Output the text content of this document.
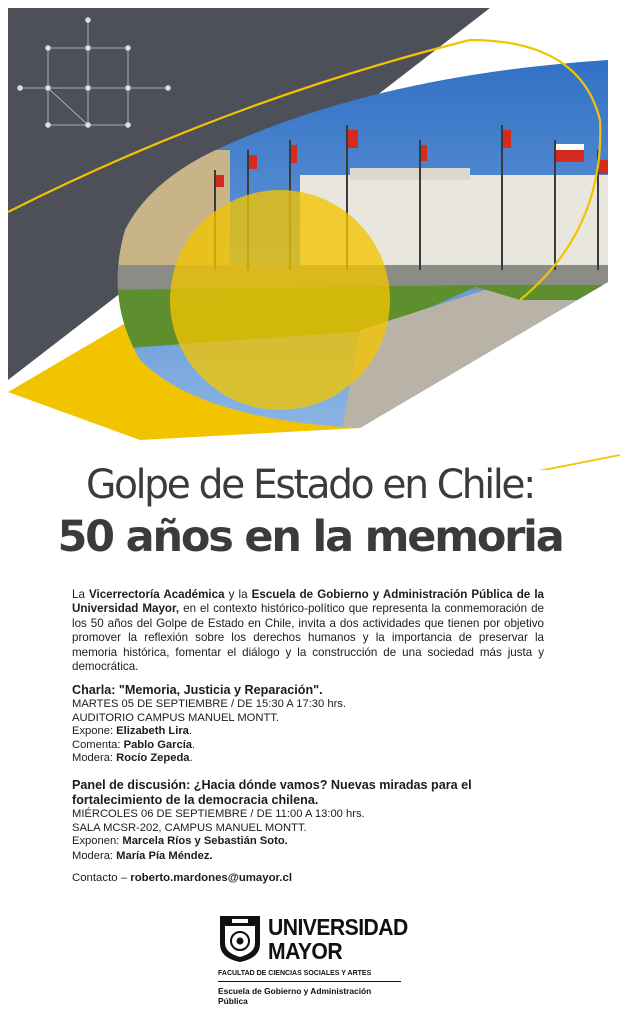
Golpe de Estado en Chile:
50 años en la memoria
La Vicerrectoría Académica y la Escuela de Gobierno y Administración Pública de la Universidad Mayor, en el contexto histórico-político que representa la conmemoración de los 50 años del Golpe de Estado en Chile, invita a dos actividades que tienen por objetivo promover la reflexión sobre los derechos humanos y la importancia de preservar la memoria histórica, fomentar el diálogo y la construcción de una sociedad más justa y democrática.
Charla: "Memoria, Justicia y Reparación".
MARTES 05 DE SEPTIEMBRE / DE 15:30 A 17:30 hrs.
AUDITORIO CAMPUS MANUEL MONTT.
Expone: Elizabeth Lira.
Comenta: Pablo García.
Modera: Rocío Zepeda.
Panel de discusión: ¿Hacia dónde vamos? Nuevas miradas para el fortalecimiento de la democracia chilena.
MIÉRCOLES 06 DE SEPTIEMBRE / DE 11:00 A 13:00 hrs.
SALA MCSR-202, CAMPUS MANUEL MONTT.
Exponen: Marcela Ríos y Sebastián Soto.
Modera: María Pía Méndez.
Contacto – roberto.mardones@umayor.cl
UNIVERSIDAD
MAYOR
FACULTAD DE CIENCIAS SOCIALES Y ARTES
Escuela de Gobierno y Administración Pública
